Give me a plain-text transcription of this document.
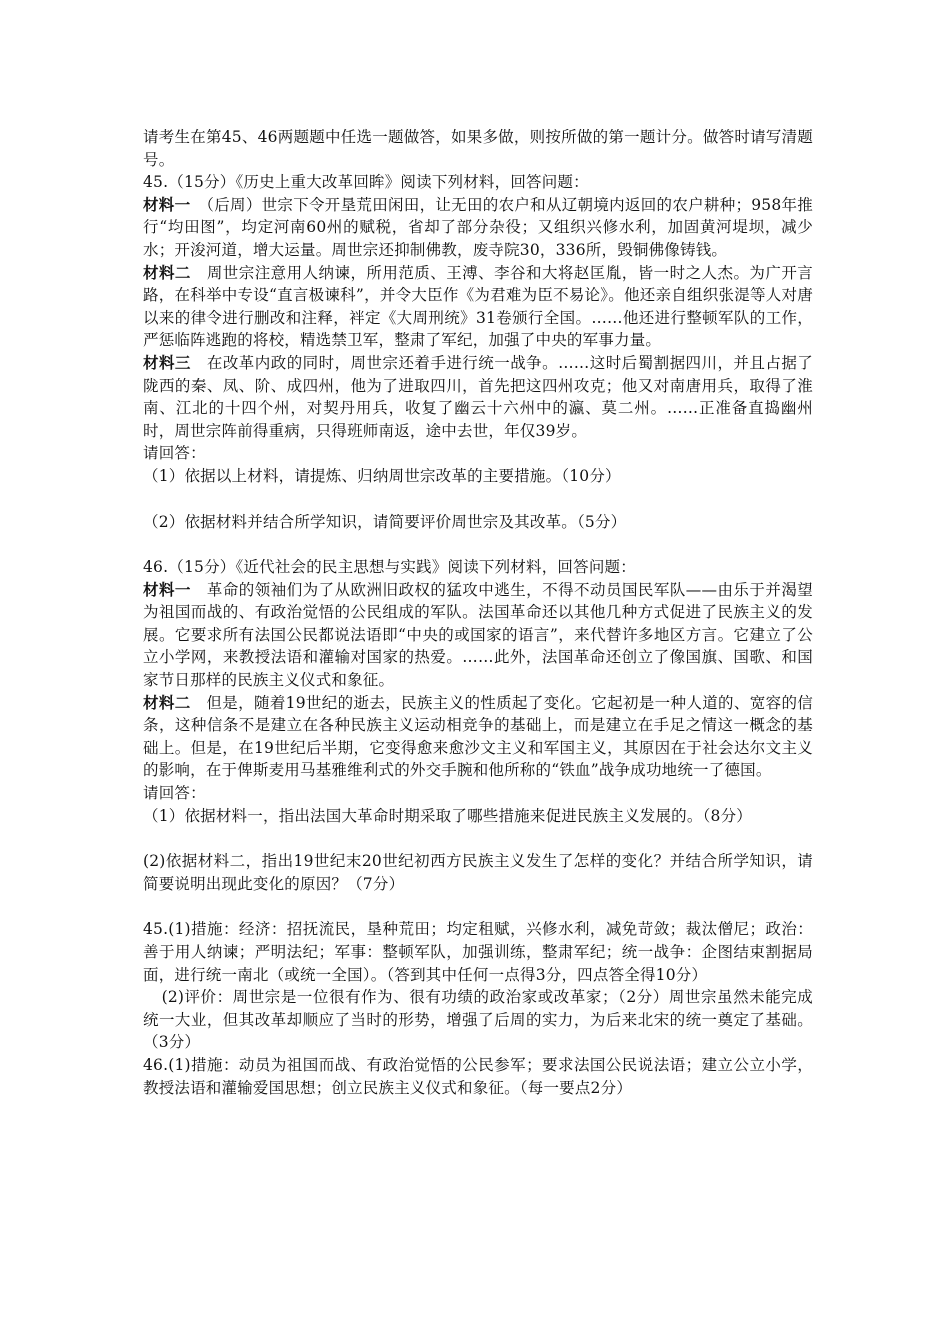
请考生在第45、46两题题中任选一题做答，如果多做，则按所做的第一题计分。做答时请写清题号。

45.（15分）《历史上重大改革回眸》阅读下列材料，回答问题：

材料一　（后周）世宗下令开垦荒田闲田，让无田的农户和从辽朝境内返回的农户耕种；958年推行“均田图”，均定河南60州的赋税，省却了部分杂役；又组织兴修水利，加固黄河堤坝，减少水；开浚河道，增大运量。周世宗还抑制佛教，废寺院30，336所，毁铜佛像铸钱。

材料二　周世宗注意用人纳谏，所用范质、王溥、李谷和大将赵匡胤，皆一时之人杰。为广开言路，在科举中专设“直言极谏科”，并令大臣作《为君难为臣不易论》。他还亲自组织张湜等人对唐以来的律令进行删改和注释，袢定《大周刑统》31卷颁行全国。……他还进行整顿军队的工作，严惩临阵逃跑的将校，精选禁卫军，整肃了军纪，加强了中央的军事力量。

材料三　在改革内政的同时，周世宗还着手进行统一战争。……这时后蜀割据四川，并且占据了陇西的秦、凤、阶、成四州，他为了进取四川，首先把这四州攻克；他又对南唐用兵，取得了淮南、江北的十四个州，对契丹用兵，收复了幽云十六州中的瀛、莫二州。……正准备直捣幽州时，周世宗阵前得重病，只得班师南返，途中去世，年仅39岁。

请回答：

（1）依据以上材料，请提炼、归纳周世宗改革的主要措施。（10分）

（2）依据材料并结合所学知识，请简要评价周世宗及其改革。（5分）

46.（15分）《近代社会的民主思想与实践》阅读下列材料，回答问题：

材料一　革命的领袖们为了从欧洲旧政权的猛攻中逃生，不得不动员国民军队——由乐于并渴望为祖国而战的、有政治觉悟的公民组成的军队。法国革命还以其他几种方式促进了民族主义的发展。它要求所有法国公民都说法语即“中央的或国家的语言”，来代替许多地区方言。它建立了公立小学网，来教授法语和灌输对国家的热爱。……此外，法国革命还创立了像国旗、国歌、和国家节日那样的民族主义仪式和象征。

材料二　但是，随着19世纪的逝去，民族主义的性质起了变化。它起初是一种人道的、宽容的信条，这种信条不是建立在各种民族主义运动相竞争的基础上，而是建立在手足之情这一概念的基础上。但是，在19世纪后半期，它变得愈来愈沙文主义和军国主义，其原因在于社会达尔文主义的影响，在于俾斯麦用马基雅维利式的外交手腕和他所称的“铁血”战争成功地统一了德国。

请回答：

（1）依据材料一，指出法国大革命时期采取了哪些措施来促进民族主义发展的。（8分）

(2)依据材料二，指出19世纪末20世纪初西方民族主义发生了怎样的变化？并结合所学知识，请简要说明出现此变化的原因？（7分）

45.(1)措施：经济：招抚流民，垦种荒田；均定租赋，兴修水利，减免苛敛；裁汰僧尼；政治：善于用人纳谏；严明法纪；军事：整顿军队，加强训练，整肃军纪；统一战争：企图结束割据局面，进行统一南北（或统一全国）。（答到其中任何一点得3分，四点答全得10分）

(2)评价：周世宗是一位很有作为、很有功绩的政治家或改革家；（2分）周世宗虽然未能完成统一大业，但其改革却顺应了当时的形势，增强了后周的实力，为后来北宋的统一奠定了基础。（3分）

46.(1)措施：动员为祖国而战、有政治觉悟的公民参军；要求法国公民说法语；建立公立小学，教授法语和灌输爱国思想；创立民族主义仪式和象征。（每一要点2分）
